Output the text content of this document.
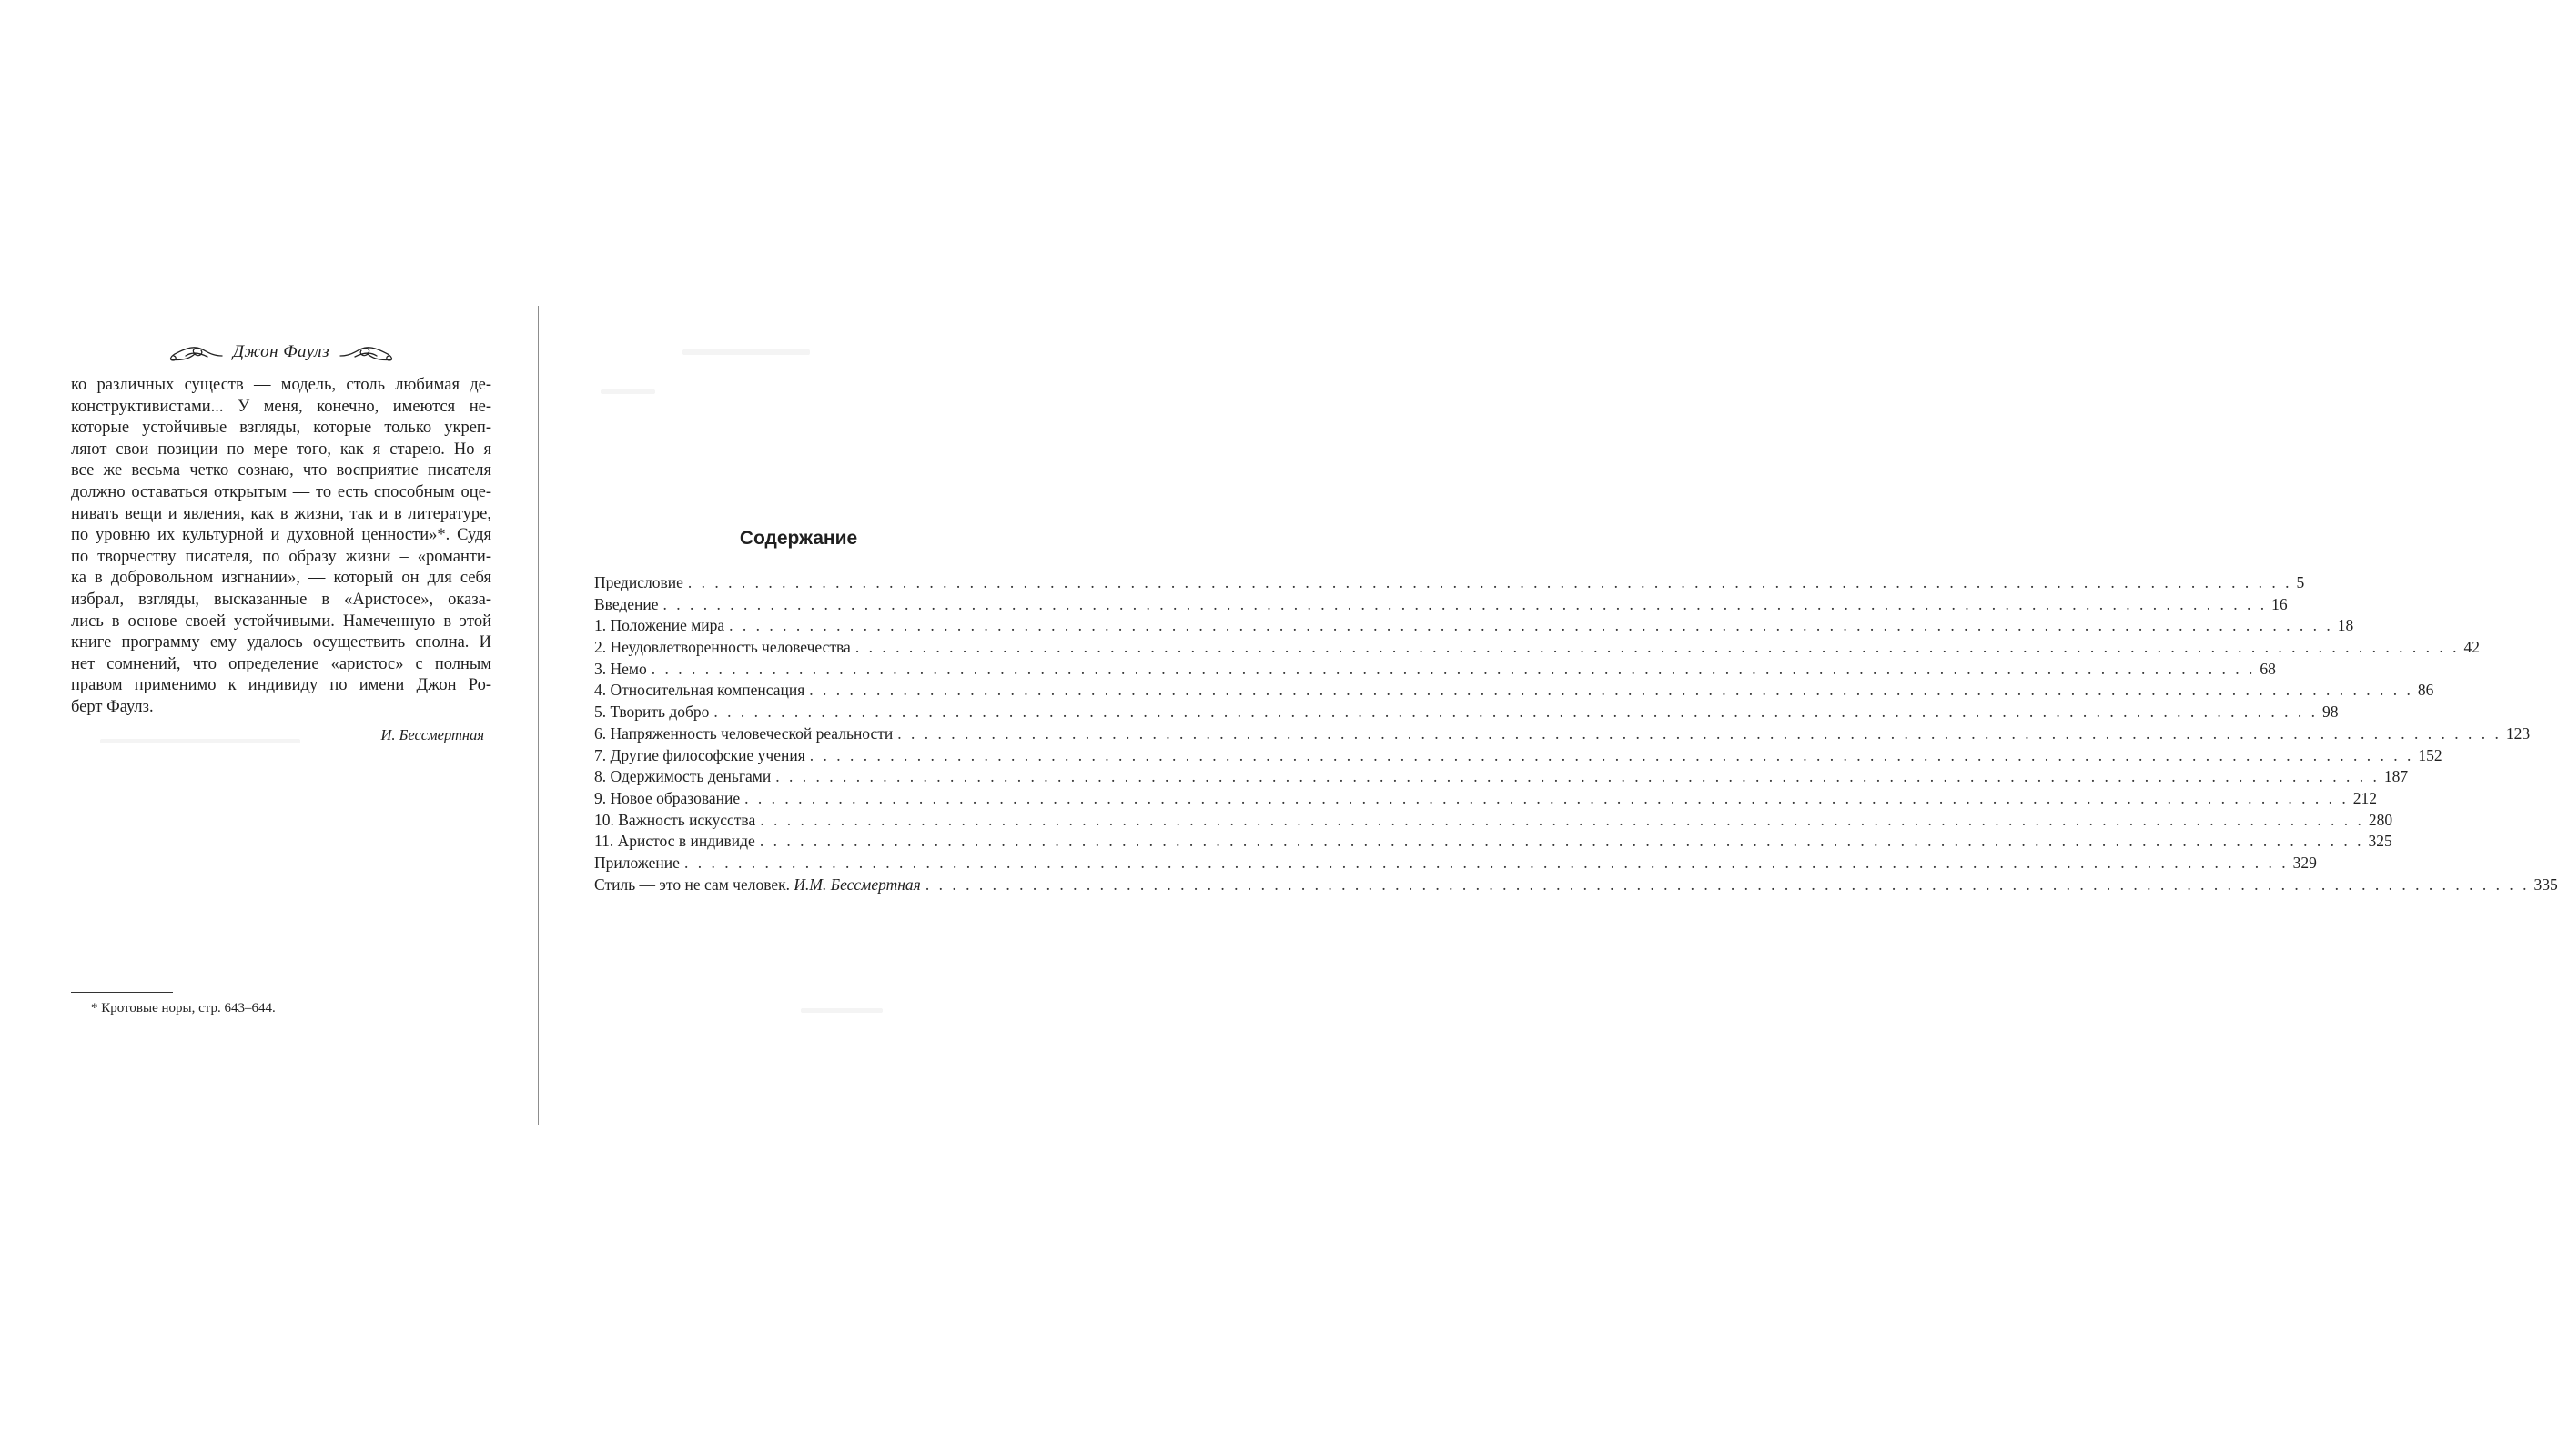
Джон Фаулз

ко различных существ — модель, столь любимая де-
конструктивистами... У меня, конечно, имеются не-
которые устойчивые взгляды, которые только укреп-
ляют свои позиции по мере того, как я старею. Но я
все же весьма четко сознаю, что восприятие писателя
должно оставаться открытым — то есть способным оце-
нивать вещи и явления, как в жизни, так и в литературе,
по уровню их культурной и духовной ценности»*. Судя
по творчеству писателя, по образу жизни – «романти-
ка в добровольном изгнании», — который он для себя
избрал, взгляды, высказанные в «Аристосе», оказа-
лись в основе своей устойчивыми. Намеченную в этой
книге программу ему удалось осуществить сполна. И
нет сомнений, что определение «аристос» с полным
правом применимо к индивиду по имени Джон Ро-
берт Фаулз.

И. Бессмертная
* Кротовые норы, стр. 643–644.
Содержание
Предисловие . . . . . . . . . . . . . . . . . . . . . . . . . . . . . . . . . . . . . . . . . . . . . . . . . . . . . . . . . . . . . . . . . . . . . . . . . . . . . . . . . . . . . . . . . . . . . . . . . . . . . . . . . . . . . . . . . . . . . . . . 5
Введение . . . . . . . . . . . . . . . . . . . . . . . . . . . . . . . . . . . . . . . . . . . . . . . . . . . . . . . . . . . . . . . . . . . . . . . . . . . . . . . . . . . . . . . . . . . . . . . . . . . . . . . . . . . . . . . . . . . . . . . . 16
1. Положение мира . . . . . . . . . . . . . . . . . . . . . . . . . . . . . . . . . . . . . . . . . . . . . . . . . . . . . . . . . . . . . . . . . . . . . . . . . . . . . . . . . . . . . . . . . . . . . . . . . . . . . . . . . . . . . . . . . . . . . . . . 18
2. Неудовлетворенность человечества . . . . . . . . . . . . . . . . . . . . . . . . . . . . . . . . . . . . . . . . . . . . . . . . . . . . . . . . . . . . . . . . . . . . . . . . . . . . . . . . . . . . . . . . . . . . . . . . . . . . . . . . . . . . . . . . . . . . . . . . 42
3. Немо . . . . . . . . . . . . . . . . . . . . . . . . . . . . . . . . . . . . . . . . . . . . . . . . . . . . . . . . . . . . . . . . . . . . . . . . . . . . . . . . . . . . . . . . . . . . . . . . . . . . . . . . . . . . . . . . . . . . . . . . 68
4. Относительная компенсация . . . . . . . . . . . . . . . . . . . . . . . . . . . . . . . . . . . . . . . . . . . . . . . . . . . . . . . . . . . . . . . . . . . . . . . . . . . . . . . . . . . . . . . . . . . . . . . . . . . . . . . . . . . . . . . . . . . . . . . . 86
5. Творить добро . . . . . . . . . . . . . . . . . . . . . . . . . . . . . . . . . . . . . . . . . . . . . . . . . . . . . . . . . . . . . . . . . . . . . . . . . . . . . . . . . . . . . . . . . . . . . . . . . . . . . . . . . . . . . . . . . . . . . . . . 98
6. Напряженность человеческой реальности . . . . . . . . . . . . . . . . . . . . . . . . . . . . . . . . . . . . . . . . . . . . . . . . . . . . . . . . . . . . . . . . . . . . . . . . . . . . . . . . . . . . . . . . . . . . . . . . . . . . . . . . . . . . . . . . . . . . . . . . 123
7. Другие философские учения . . . . . . . . . . . . . . . . . . . . . . . . . . . . . . . . . . . . . . . . . . . . . . . . . . . . . . . . . . . . . . . . . . . . . . . . . . . . . . . . . . . . . . . . . . . . . . . . . . . . . . . . . . . . . . . . . . . . . . . . 152
8. Одержимость деньгами . . . . . . . . . . . . . . . . . . . . . . . . . . . . . . . . . . . . . . . . . . . . . . . . . . . . . . . . . . . . . . . . . . . . . . . . . . . . . . . . . . . . . . . . . . . . . . . . . . . . . . . . . . . . . . . . . . . . . . . . 187
9. Новое образование . . . . . . . . . . . . . . . . . . . . . . . . . . . . . . . . . . . . . . . . . . . . . . . . . . . . . . . . . . . . . . . . . . . . . . . . . . . . . . . . . . . . . . . . . . . . . . . . . . . . . . . . . . . . . . . . . . . . . . . . 212
10. Важность искусства . . . . . . . . . . . . . . . . . . . . . . . . . . . . . . . . . . . . . . . . . . . . . . . . . . . . . . . . . . . . . . . . . . . . . . . . . . . . . . . . . . . . . . . . . . . . . . . . . . . . . . . . . . . . . . . . . . . . . . . . 280
11. Аристос в индивиде . . . . . . . . . . . . . . . . . . . . . . . . . . . . . . . . . . . . . . . . . . . . . . . . . . . . . . . . . . . . . . . . . . . . . . . . . . . . . . . . . . . . . . . . . . . . . . . . . . . . . . . . . . . . . . . . . . . . . . . . 325
Приложение . . . . . . . . . . . . . . . . . . . . . . . . . . . . . . . . . . . . . . . . . . . . . . . . . . . . . . . . . . . . . . . . . . . . . . . . . . . . . . . . . . . . . . . . . . . . . . . . . . . . . . . . . . . . . . . . . . . . . . . . 329
Стиль — это не сам человек. И.М. Бессмертная . . . . . . . . . . . . . . . . . . . . . . . . . . . . . . . . . . . . . . . . . . . . . . . . . . . . . . . . . . . . . . . . . . . . . . . . . . . . . . . . . . . . . . . . . . . . . . . . . . . . . . . . . . . . . . . . . . . . . . . . 335
